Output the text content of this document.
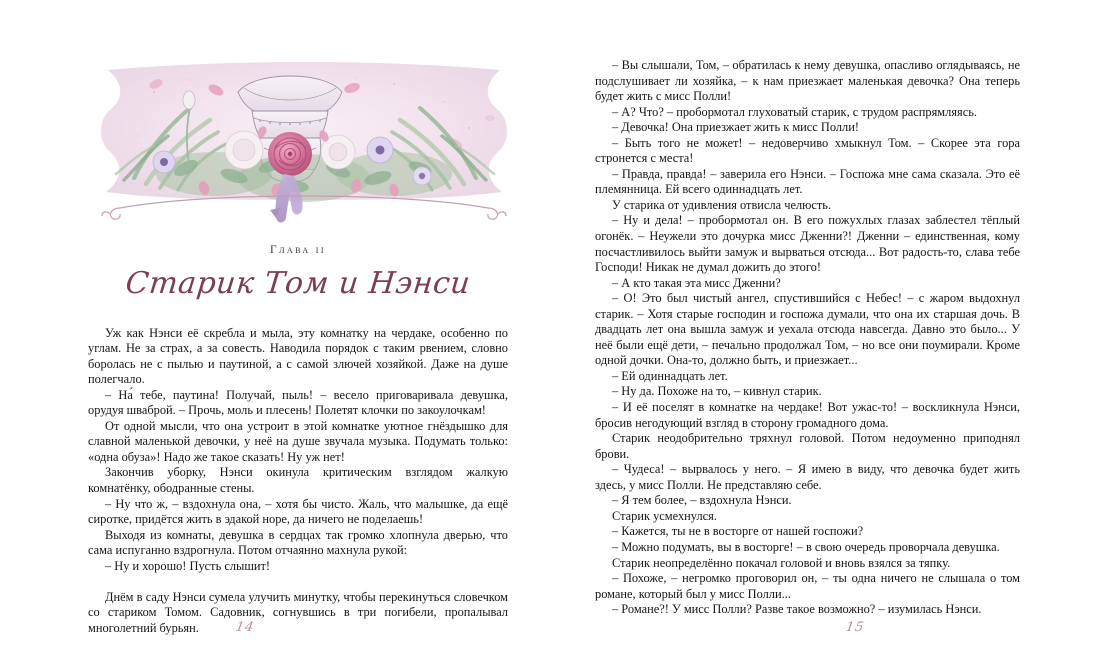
Глава ii
Старик Том и Нэнси

Уж как Нэнси её скребла и мыла, эту комнатку на чердаке, особенно по углам. Не за страх, а за совесть. Наводила порядок с таким рвением, словно боролась не с пылью и паутиной, а с самой злючей хозяйкой. Даже на душе полегчало.

– На́ тебе, паутина! Получай, пыль! – весело приговаривала девушка, орудуя шваброй. – Прочь, моль и плесень! Полетят клочки по закоулочкам!

От одной мысли, что она устроит в этой комнатке уютное гнёздышко для славной маленькой девочки, у неё на душе звучала музыка. Подумать только: «одна обуза»! Надо же такое сказать! Ну уж нет!

Закончив уборку, Нэнси окинула критическим взглядом жалкую комнатёнку, ободранные стены.

– Ну что ж, – вздохнула она, – хотя бы чисто. Жаль, что малышке, да ещё сиротке, придётся жить в эдакой норе, да ничего не поделаешь!

Выходя из комнаты, девушка в сердцах так громко хлопнула дверью, что сама испуганно вздрогнула. Потом отчаянно махнула рукой:

– Ну и хорошо! Пусть слышит!

Днём в саду Нэнси сумела улучить минутку, чтобы перекинуться словечком со стариком Томом. Садовник, согнувшись в три погибели, пропалывал многолетний бурьян.	14

– Вы слышали, Том, – обратилась к нему девушка, опасливо оглядываясь, не подслушивает ли хозяйка, – к нам приезжает маленькая девочка? Она теперь будет жить с мисс Полли!

– А? Что? – пробормотал глуховатый старик, с трудом распрямляясь.

– Девочка! Она приезжает жить к мисс Полли!

– Быть того не может! – недоверчиво хмыкнул Том. – Скорее эта гора стронется с места!

– Правда, правда! – заверила его Нэнси. – Госпожа мне сама сказала. Это её племянница. Ей всего одиннадцать лет.

У старика от удивления отвисла челюсть.

– Ну и дела! – пробормотал он. В его пожухлых глазах заблестел тёплый огонёк. – Неужели это дочурка мисс Дженни?! Дженни – единственная, кому посчастливилось выйти замуж и вырваться отсюда... Вот радость-то, слава тебе Господи! Никак не думал дожить до этого!

– А кто такая эта мисс Дженни?

– О! Это был чистый ангел, спустившийся с Небес! – с жаром выдохнул старик. – Хотя старые господин и госпожа думали, что она их старшая дочь. В двадцать лет она вышла замуж и уехала отсюда навсегда. Давно это было... У неё были ещё дети, – печально продолжал Том, – но все они поумирали. Кроме одной дочки. Она-то, должно быть, и приезжает...

– Ей одиннадцать лет.

– Ну да. Похоже на то, – кивнул старик.

– И её поселят в комнатке на чердаке! Вот ужас-то! – воскликнула Нэнси, бросив негодующий взгляд в сторону громадного дома.

Старик неодобрительно тряхнул головой. Потом недоуменно приподнял брови.

– Чудеса! – вырвалось у него. – Я имею в виду, что девочка будет жить здесь, у мисс Полли. Не представляю себе.

– Я тем более, – вздохнула Нэнси.

Старик усмехнулся.

– Кажется, ты не в восторге от нашей госпожи?

– Можно подумать, вы в восторге! – в свою очередь проворчала девушка.

Старик неопределённо покачал головой и вновь взялся за тяпку.

– Похоже, – негромко проговорил он, – ты одна ничего не слышала о том романе, который был у мисс Полли...

– Романе?! У мисс Полли? Разве такое возможно? – изумилась Нэнси.

15
